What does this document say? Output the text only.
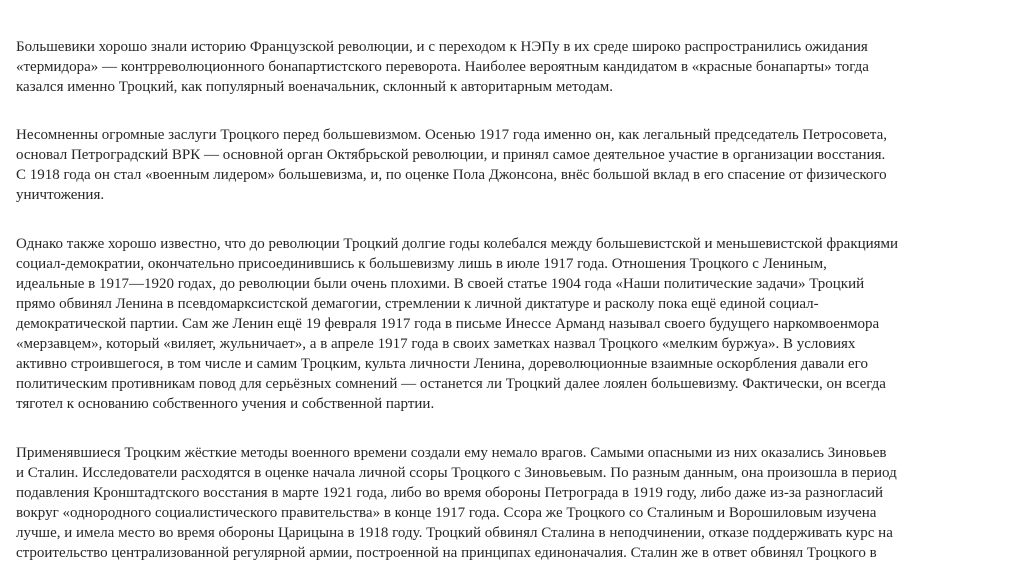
Большевики хорошо знали историю Французской революции, и с переходом к НЭПу в их среде широко распространились ожидания
«термидора» — контрреволюционного бонапартистского переворота. Наиболее вероятным кандидатом в «красные бонапарты» тогда
казался именно Троцкий, как популярный военачальник, склонный к авторитарным методам.

Несомненны огромные заслуги Троцкого перед большевизмом. Осенью 1917 года именно он, как легальный председатель Петросовета,
основал Петроградский ВРК — основной орган Октябрьской революции, и принял самое деятельное участие в организации восстания.
С 1918 года он стал «военным лидером» большевизма, и, по оценке Пола Джонсона, внёс большой вклад в его спасение от физического
уничтожения.

Однако также хорошо известно, что до революции Троцкий долгие годы колебался между большевистской и меньшевистской фракциями
социал-демократии, окончательно присоединившись к большевизму лишь в июле 1917 года. Отношения Троцкого с Лениным,
идеальные в 1917—1920 годах, до революции были очень плохими. В своей статье 1904 года «Наши политические задачи» Троцкий
прямо обвинял Ленина в псевдомарксистской демагогии, стремлении к личной диктатуре и расколу пока ещё единой социал-
демократической партии. Сам же Ленин ещё 19 февраля 1917 года в письме Инессе Арманд называл своего будущего наркомвоенмора
«мерзавцем», который «виляет, жульничает», а в апреле 1917 года в своих заметках назвал Троцкого «мелким буржуа». В условиях
активно строившегося, в том числе и самим Троцким, культа личности Ленина, дореволюционные взаимные оскорбления давали его
политическим противникам повод для серьёзных сомнений — останется ли Троцкий далее лоялен большевизму. Фактически, он всегда
тяготел к основанию собственного учения и собственной партии.

Применявшиеся Троцким жёсткие методы военного времени создали ему немало врагов. Самыми опасными из них оказались Зиновьев
и Сталин. Исследователи расходятся в оценке начала личной ссоры Троцкого с Зиновьевым. По разным данным, она произошла в период
подавления Кронштадтского восстания в марте 1921 года, либо во время обороны Петрограда в 1919 году, либо даже из-за разногласий
вокруг «однородного социалистического правительства» в конце 1917 года. Ссора же Троцкого со Сталиным и Ворошиловым изучена
лучше, и имела место во время обороны Царицына в 1918 году. Троцкий обвинял Сталина в неподчинении, отказе поддерживать курс на
строительство централизованной регулярной армии, построенной на принципах единоначалия. Сталин же в ответ обвинял Троцкого в
